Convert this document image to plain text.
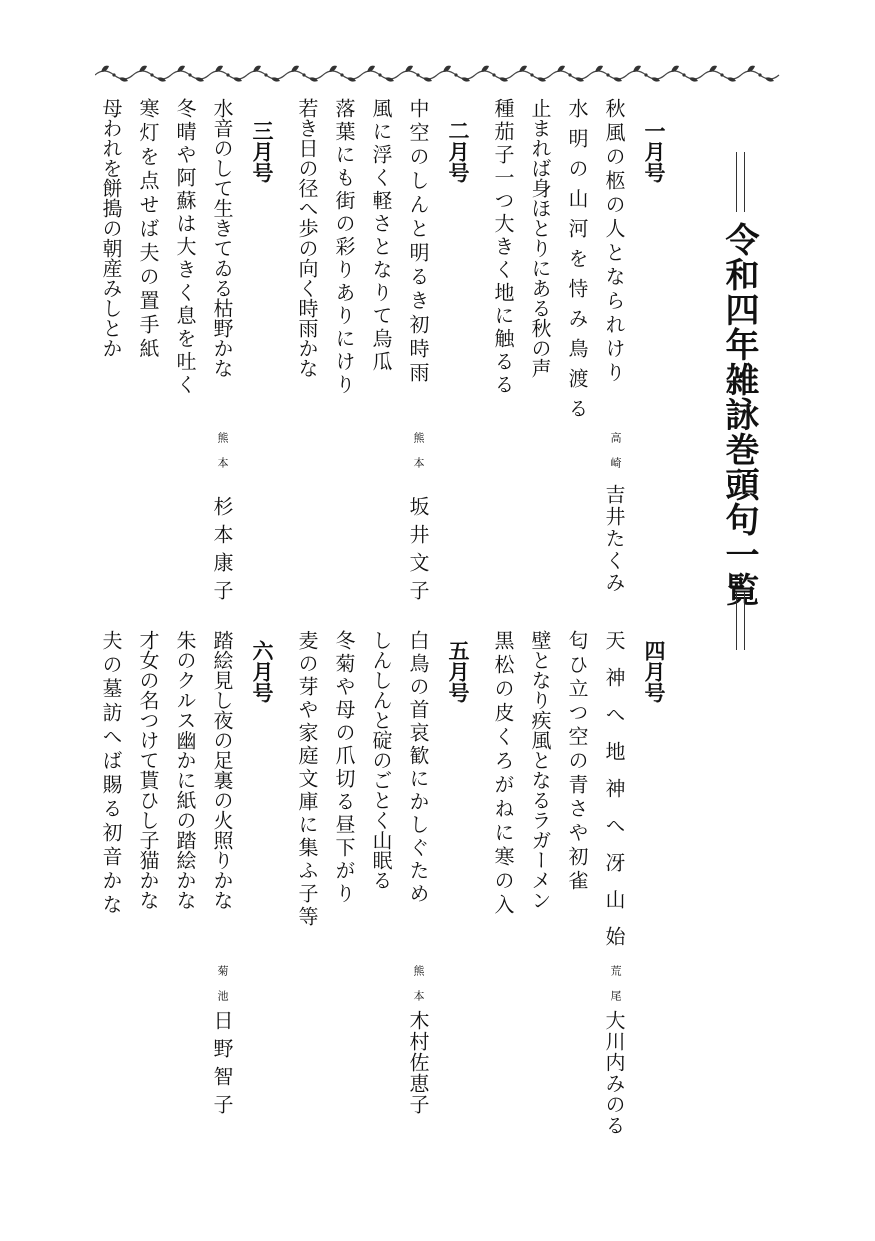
令和四年雑詠巻頭句一覧
一月号
秋風の柩の人となられけり
水明の山河を恃み鳥渡る
止まれば身ほとりにある秋の声
種茄子一つ大きく地に触るる
高崎
吉井たくみ
二月号
中空のしんと明るき初時雨
風に浮く軽さとなりて烏瓜
落葉にも街の彩りありにけり
若き日の径へ歩の向く時雨かな
熊本
坂井文子
三月号
水音のして生きてゐる枯野かな
冬晴や阿蘇は大きく息を吐く
寒灯を点せば夫の置手紙
母われを餅搗の朝産みしとか
熊本
杉本康子
四月号
天神へ地神へ冴山始
匂ひ立つ空の青さや初雀
壁となり疾風となるラガーメン
黒松の皮くろがねに寒の入
荒尾
大川内みのる
五月号
白鳥の首哀歓にかしぐため
しんしんと碇のごとく山眠る
冬菊や母の爪切る昼下がり
麦の芽や家庭文庫に集ふ子等
熊本
木村佐恵子
六月号
踏絵見し夜の足裏の火照りかな
朱のクルス幽かに紙の踏絵かな
才女の名つけて貰ひし子猫かな
夫の墓訪へば賜る初音かな
菊池
日野智子
